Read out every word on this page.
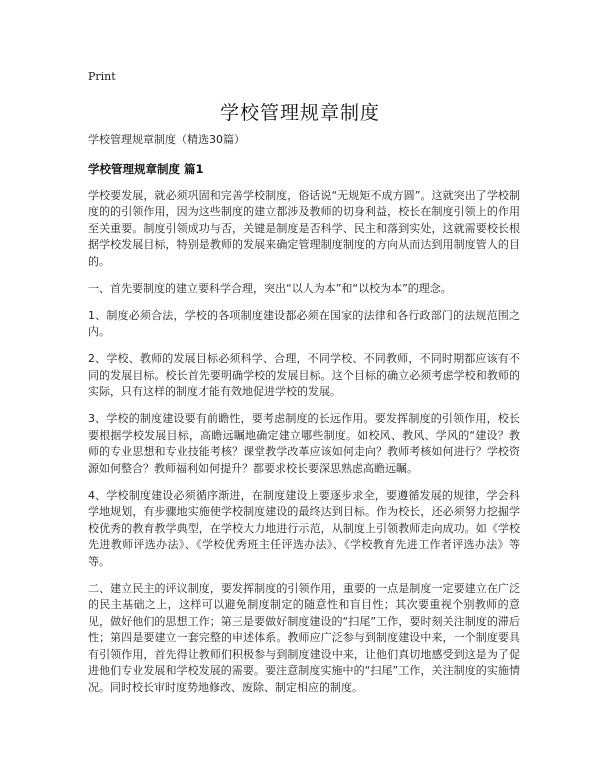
Print
学校管理规章制度

学校管理规章制度（精选30篇）

学校管理规章制度 篇1

学校要发展，就必须巩固和完善学校制度，俗话说“无规矩不成方圆”。这就突出了学校制度的的引领作用，因为这些制度的建立都涉及教师的切身利益，校长在制度引领上的作用至关重要。制度引领成功与否，关键是制度是否科学、民主和落到实处，这就需要校长根据学校发展目标，特别是教师的发展来确定管理制度制度的方向从而达到用制度管人的目的。

一、首先要制度的建立要科学合理，突出“以人为本”和“以校为本”的理念。

1、制度必须合法，学校的各项制度建设都必须在国家的法律和各行政部门的法规范围之内。

2、学校、教师的发展目标必须科学、合理，不同学校、不同教师，不同时期都应该有不同的发展目标。校长首先要明确学校的发展目标。这个目标的确立必须考虑学校和教师的实际，只有这样的制度才能有效地促进学校的发展。

3、学校的制度建设要有前瞻性，要考虑制度的长远作用。要发挥制度的引领作用，校长要根据学校发展目标，高瞻远瞩地确定建立哪些制度。如校风、教风、学风的“建设？教师的专业思想和专业技能考核？课堂教学改革应该如何走向？教师考核如何进行？学校资源如何整合？教师福利如何提升？都要求校长要深思熟虑高瞻远瞩。

4、学校制度建设必须循序渐进，在制度建设上要逐步求全，要遵循发展的规律，学会科学地规划，有步骤地实施使学校制度建设的最终达到目标。作为校长，还必须努力挖掘学校优秀的教育教学典型，在学校大力地进行示范，从制度上引领教师走向成功。如《学校先进教师评选办法》、《学校优秀班主任评选办法》、《学校教育先进工作者评选办法》等等。

二、建立民主的评议制度，要发挥制度的引领作用，重要的一点是制度一定要建立在广泛的民主基础之上，这样可以避免制度制定的随意性和盲目性；其次要重视个别教师的意见，做好他们的思想工作；第三是要做好制度建设的“扫尾”工作，要时刻关注制度的滞后性；第四是要建立一套完整的申述体系。教师应广泛参与到制度建设中来，一个制度要具有引领作用，首先得让教师们积极参与到制度建设中来，让他们真切地感受到这是为了促进他们专业发展和学校发展的需要。要注意制度实施中的“扫尾”工作，关注制度的实施情况。同时校长审时度势地修改、废除、制定相应的制度。
